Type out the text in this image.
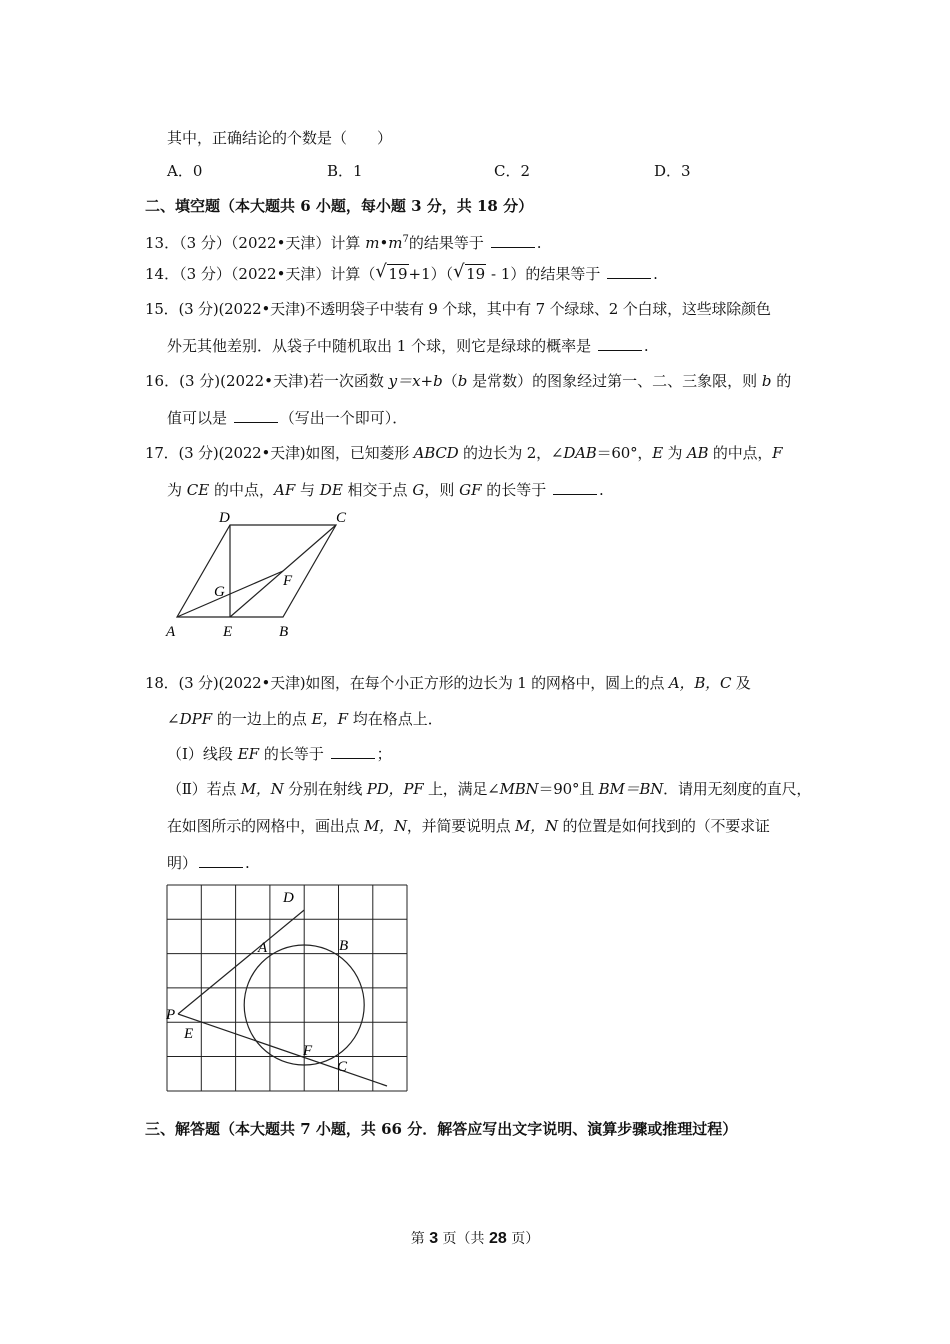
其中，正确结论的个数是（　　）
A．0	B．1	C．2	D．3
二、填空题（本大题共 6 小题，每小题 3 分，共 18 分）
13．（3 分）（2022•天津）计算 $m•m^7$的结果等于	.
14．（3 分）（2022•天津）计算（ √ 19+1）（ √ 19 - 1）的结果等于	.
15．(3 分)(2022•天津)不透明袋子中装有 9 个球，其中有 7 个绿球、2 个白球，这些球除颜色
外无其他差别．从袋子中随机取出 1 个球，则它是绿球的概率是	.
16．(3 分)(2022•天津)若一次函数 y＝x+b（b 是常数）的图象经过第一、二、三象限，则 b 的
值可以是	（写出一个即可）．
17．(3 分)(2022•天津)如图，已知菱形 ABCD 的边长为 2，∠DAB＝60°，E 为 AB 的中点，F
为 CE 的中点，AF 与 DE 相交于点 G，则 GF 的长等于	.
A	E	B
D	C
F
G
18．(3 分)(2022•天津)如图，在每个小正方形的边长为 1 的网格中，圆上的点 A，B，C 及
∠DPF 的一边上的点 E，F 均在格点上．
（Ⅰ）线段 EF 的长等于	；
（Ⅱ）若点 M，N 分别在射线 PD，PF 上，满足∠MBN＝90°且 BM＝BN．请用无刻度的直尺，
在如图所示的网格中，画出点 M，N，并简要说明点 M，N 的位置是如何找到的（不要求证
明）	.
D
A	B
P
E
F
C
三、解答题（本大题共 7 小题，共 66 分．解答应写出文字说明、演算步骤或推理过程）
第 3 页（共 28 页）
